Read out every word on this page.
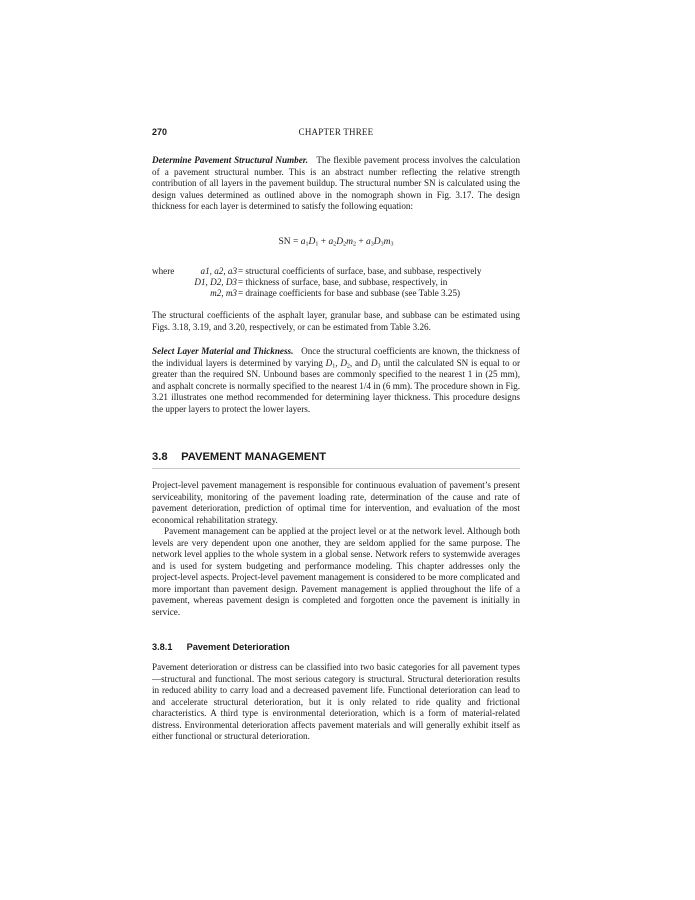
270	CHAPTER THREE

Determine Pavement Structural Number. The flexible pavement process involves the calculation of a pavement structural number. This is an abstract number reflecting the relative strength contribution of all layers in the pavement buildup. The structural number SN is calculated using the design values determined as outlined above in the nomograph shown in Fig. 3.17. The design thickness for each layer is determined to satisfy the following equation:

SN = $a_1D_1 + a_2D_2m_2 + a_3D_3m_3$
where	a1, a2, a3 = structural coefficients of surface, base, and subbase, respectively
D1, D2, D3 = thickness of surface, base, and subbase, respectively, in
m2, m3 = drainage coefficients for base and subbase (see Table 3.25)

The structural coefficients of the asphalt layer, granular base, and subbase can be estimated using Figs. 3.18, 3.19, and 3.20, respectively, or can be estimated from Table 3.26.

Select Layer Material and Thickness. Once the structural coefficients are known, the thickness of the individual layers is determined by varying $D_1$, $D_2$, and $D_3$ until the calculated SN is equal to or greater than the required SN. Unbound bases are commonly specified to the nearest 1 in (25 mm), and asphalt concrete is normally specified to the nearest 1/4 in (6 mm). The procedure shown in Fig. 3.21 illustrates one method recommended for determining layer thickness. This procedure designs the upper layers to protect the lower layers.

3.8 PAVEMENT MANAGEMENT

Project-level pavement management is responsible for continuous evaluation of pavement’s present serviceability, monitoring of the pavement loading rate, determination of the cause and rate of pavement deterioration, prediction of optimal time for intervention, and evaluation of the most economical rehabilitation strategy.

Pavement management can be applied at the project level or at the network level. Although both levels are very dependent upon one another, they are seldom applied for the same purpose. The network level applies to the whole system in a global sense. Network refers to systemwide averages and is used for system budgeting and performance modeling. This chapter addresses only the project-level aspects. Project-level pavement management is considered to be more complicated and more important than pavement design. Pavement management is applied throughout the life of a pavement, whereas pavement design is completed and forgotten once the pavement is initially in service.

3.8.1 Pavement Deterioration

Pavement deterioration or distress can be classified into two basic categories for all pavement types—structural and functional. The most serious category is structural. Structural deterioration results in reduced ability to carry load and a decreased pavement life. Functional deterioration can lead to and accelerate structural deterioration, but it is only related to ride quality and frictional characteristics. A third type is environmental deterioration, which is a form of material-related distress. Environmental deterioration affects pavement materials and will generally exhibit itself as either functional or structural deterioration.
